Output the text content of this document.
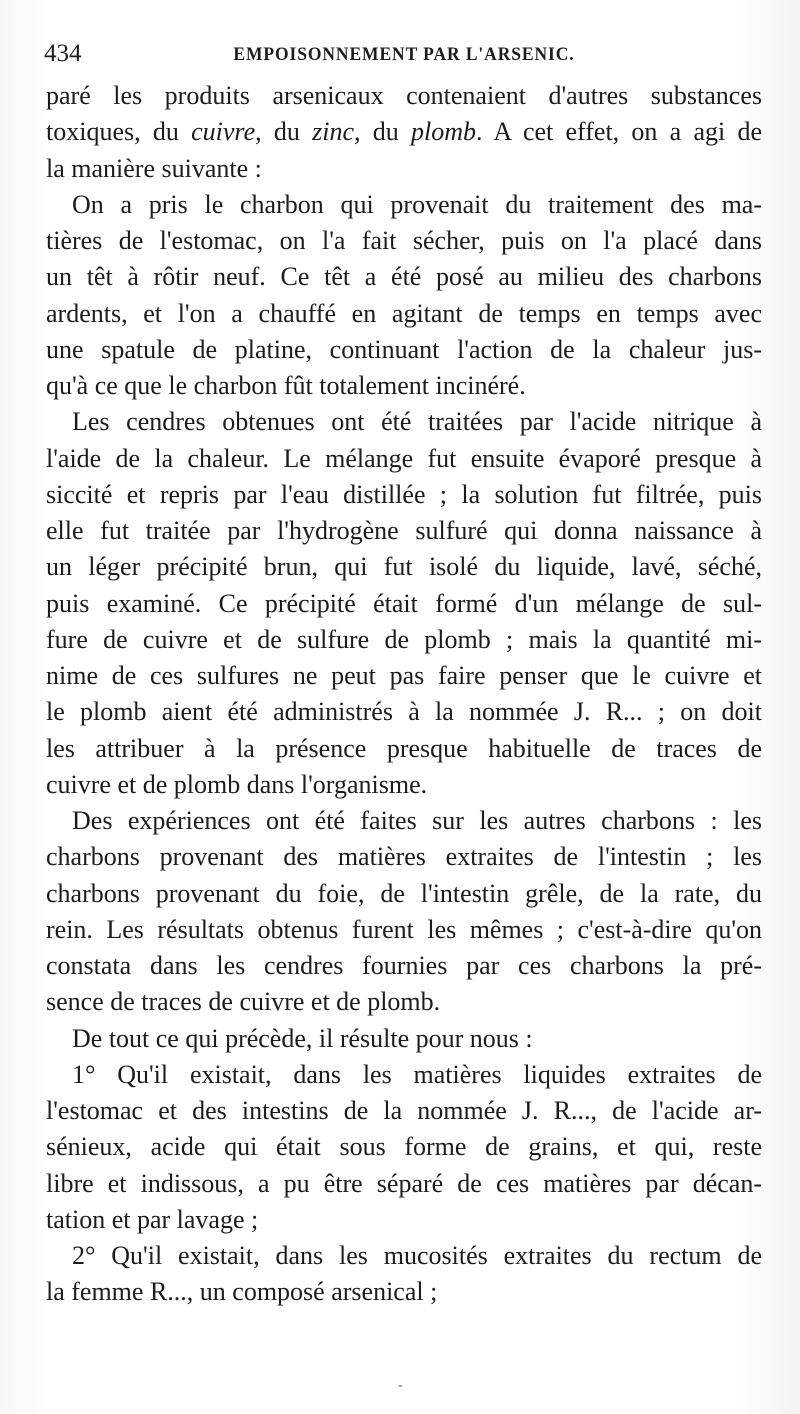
434	EMPOISONNEMENT PAR L'ARSENIC.
paré les produits arsenicaux contenaient d'autres substances
toxiques, du cuivre, du zinc, du plomb. A cet effet, on a agi de
la manière suivante :
On a pris le charbon qui provenait du traitement des ma-
tières de l'estomac, on l'a fait sécher, puis on l'a placé dans
un têt à rôtir neuf. Ce têt a été posé au milieu des charbons
ardents, et l'on a chauffé en agitant de temps en temps avec
une spatule de platine, continuant l'action de la chaleur jus-
qu'à ce que le charbon fût totalement incinéré.
Les cendres obtenues ont été traitées par l'acide nitrique à
l'aide de la chaleur. Le mélange fut ensuite évaporé presque à
siccité et repris par l'eau distillée ; la solution fut filtrée, puis
elle fut traitée par l'hydrogène sulfuré qui donna naissance à
un léger précipité brun, qui fut isolé du liquide, lavé, séché,
puis examiné. Ce précipité était formé d'un mélange de sul-
fure de cuivre et de sulfure de plomb ; mais la quantité mi-
nime de ces sulfures ne peut pas faire penser que le cuivre et
le plomb aient été administrés à la nommée J. R... ; on doit
les attribuer à la présence presque habituelle de traces de
cuivre et de plomb dans l'organisme.
Des expériences ont été faites sur les autres charbons : les
charbons provenant des matières extraites de l'intestin ; les
charbons provenant du foie, de l'intestin grêle, de la rate, du
rein. Les résultats obtenus furent les mêmes ; c'est-à-dire qu'on
constata dans les cendres fournies par ces charbons la pré-
sence de traces de cuivre et de plomb.
De tout ce qui précède, il résulte pour nous :
1° Qu'il existait, dans les matières liquides extraites de
l'estomac et des intestins de la nommée J. R..., de l'acide ar-
sénieux, acide qui était sous forme de grains, et qui, reste
libre et indissous, a pu être séparé de ces matières par décan-
tation et par lavage ;
2° Qu'il existait, dans les mucosités extraites du rectum de
la femme R..., un composé arsenical ;
-
